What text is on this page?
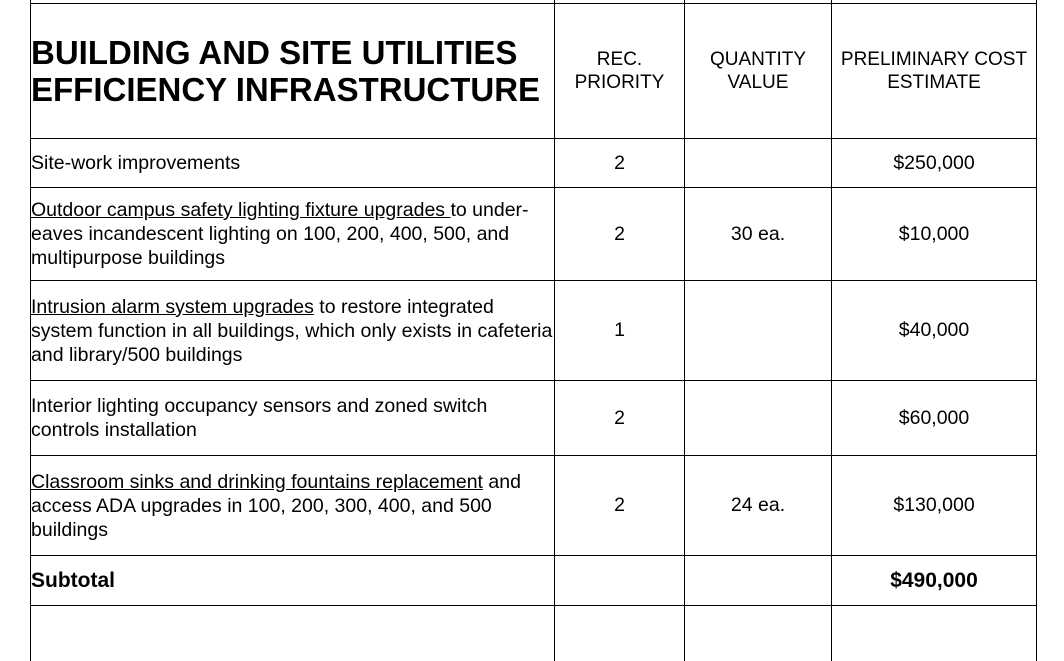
BUILDING AND SITE UTILITIES EFFICIENCY INFRASTRUCTURE	REC. PRIORITY	QUANTITY VALUE	PRELIMINARY COST ESTIMATE
Site-work improvements	2		$250,000
Outdoor campus safety lighting fixture upgrades to under-eaves incandescent lighting on 100, 200, 400, 500, and multipurpose buildings	2	30 ea.	$10,000
Intrusion alarm system upgrades to restore integrated system function in all buildings, which only exists in cafeteria and library/500 buildings	1		$40,000
Interior lighting occupancy sensors and zoned switch controls installation	2		$60,000
Classroom sinks and drinking fountains replacement and access ADA upgrades in 100, 200, 300, 400, and 500 buildings	2	24 ea.	$130,000
Subtotal			$490,000
